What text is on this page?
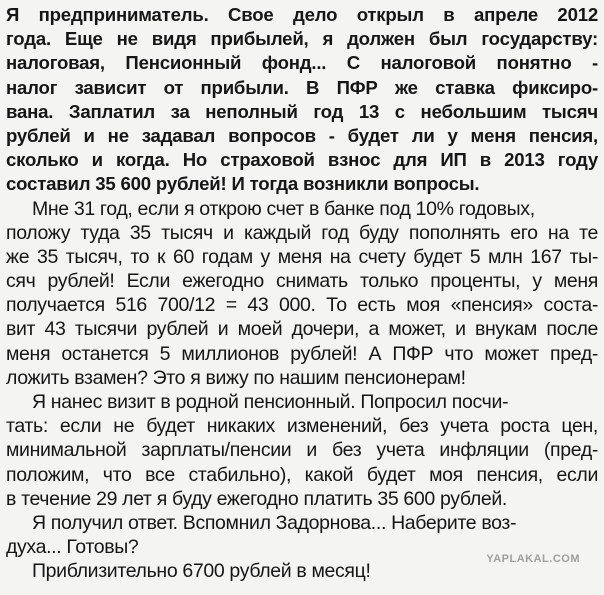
Я предприниматель. Свое дело открыл в апреле 2012
года. Еще не видя прибылей, я должен был государству:
налоговая, Пенсионный фонд... С налоговой понятно -
налог зависит от прибыли. В ПФР же ставка фиксиро-
вана. Заплатил за неполный год 13 с небольшим тысяч
рублей и не задавал вопросов - будет ли у меня пенсия,
сколько и когда. Но страховой взнос для ИП в 2013 году
составил 35 600 рублей! И тогда возникли вопросы.
Мне 31 год, если я открою счет в банке под 10% годовых,
положу туда 35 тысяч и каждый год буду пополнять его на те
же 35 тысяч, то к 60 годам у меня на счету будет 5 млн 167 ты-
сяч рублей! Если ежегодно снимать только проценты, у меня
получается 516 700/12 = 43 000. То есть моя «пенсия» соста-
вит 43 тысячи рублей и моей дочери, а может, и внукам после
меня останется 5 миллионов рублей! А ПФР что может пред-
ложить взамен? Это я вижу по нашим пенсионерам!
Я нанес визит в родной пенсионный. Попросил посчи-
тать: если не будет никаких изменений, без учета роста цен,
минимальной зарплаты/пенсии и без учета инфляции (пред-
положим, что все стабильно), какой будет моя пенсия, если
в течение 29 лет я буду ежегодно платить 35 600 рублей.
Я получил ответ. Вспомнил Задорнова... Наберите воз-
духа... Готовы?
Приблизительно 6700 рублей в месяц!
YAPLAKAL.COM
